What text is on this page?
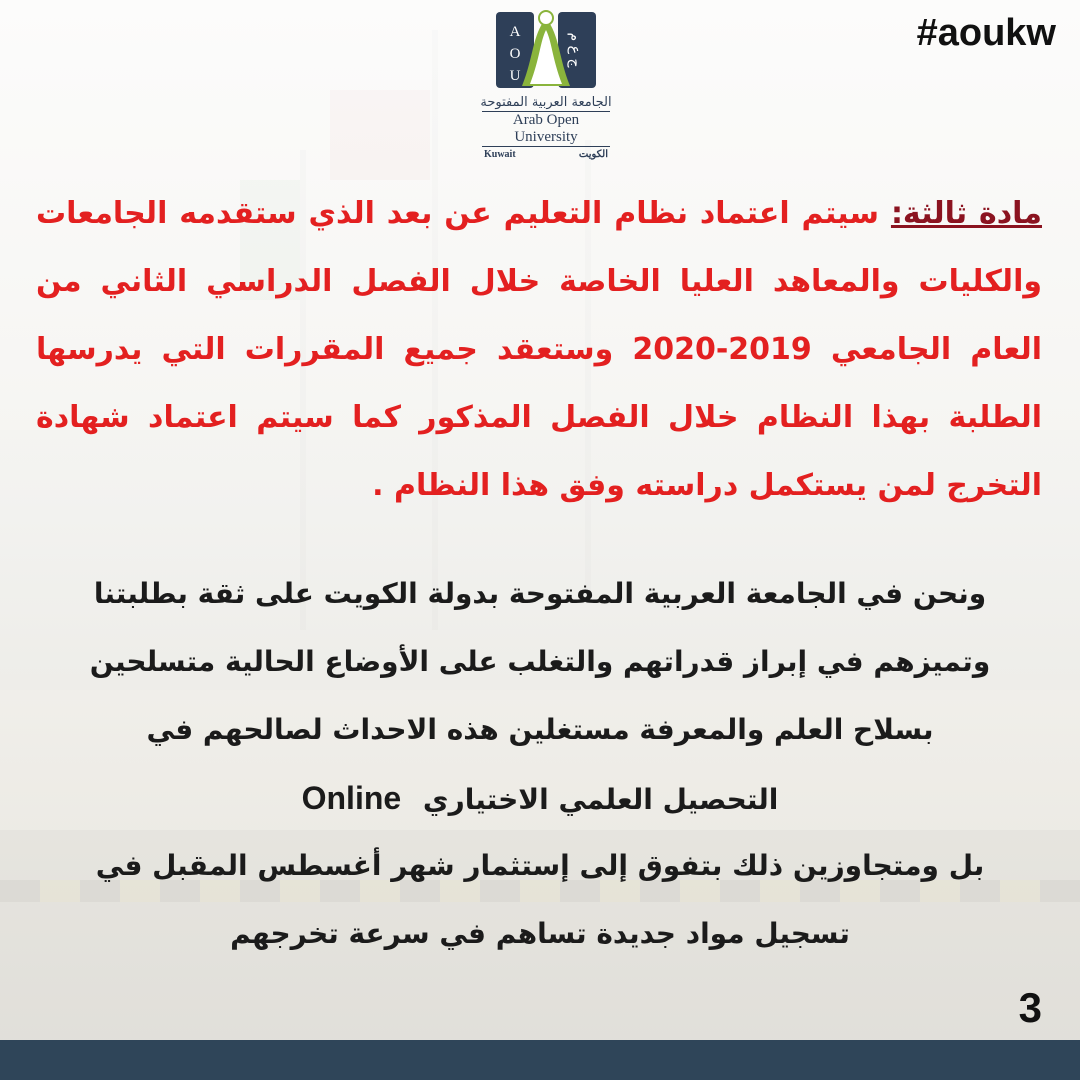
A
O
U
ج ع م
الجامعة العربية المفتوحة
Arab Open University
Kuwait	الكويت
#aoukw
مادة ثالثة: سيتم اعتماد نظام التعليم عن بعد الذي ستقدمه الجامعات والكليات والمعاهد العليا الخاصة خلال الفصل الدراسي الثاني من العام الجامعي 2019-2020 وستعقد جميع المقررات التي يدرسها الطلبة بهذا النظام خلال الفصل المذكور كما سيتم اعتماد شهادة التخرج لمن يستكمل دراسته وفق هذا النظام .
ونحن في الجامعة العربية المفتوحة بدولة الكويت على ثقة بطلبتنا
وتميزهم في إبراز قدراتهم والتغلب على الأوضاع الحالية متسلحين
بسلاح العلم والمعرفة مستغلين هذه الاحداث لصالحهم في
التحصيل العلمي الاختياري Online
بل ومتجاوزين ذلك بتفوق إلى إستثمار شهر أغسطس المقبل في
تسجيل مواد جديدة تساهم في سرعة تخرجهم
3
